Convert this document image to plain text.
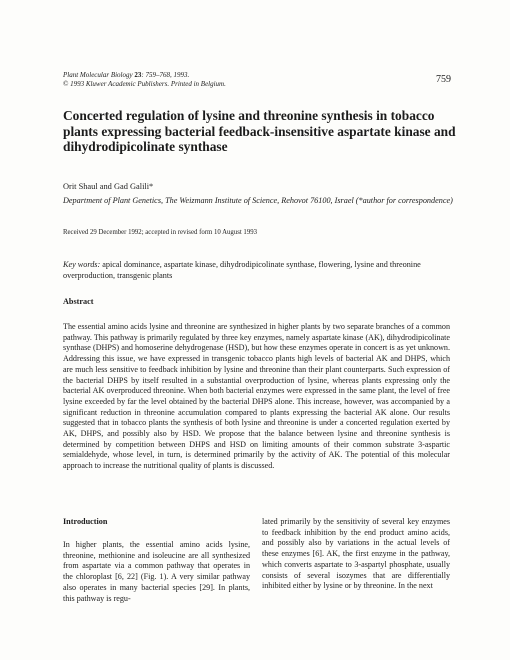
Plant Molecular Biology 23: 759–768, 1993.
© 1993 Kluwer Academic Publishers. Printed in Belgium.	759
Concerted regulation of lysine and threonine synthesis in tobacco plants expressing bacterial feedback-insensitive aspartate kinase and dihydrodipicolinate synthase
Orit Shaul and Gad Galili*
Department of Plant Genetics, The Weizmann Institute of Science, Rehovot 76100, Israel (*author for correspondence)
Received 29 December 1992; accepted in revised form 10 August 1993
Key words: apical dominance, aspartate kinase, dihydrodipicolinate synthase, flowering, lysine and threonine overproduction, transgenic plants
Abstract

The essential amino acids lysine and threonine are synthesized in higher plants by two separate branches of a common pathway. This pathway is primarily regulated by three key enzymes, namely aspartate kinase (AK), dihydrodipicolinate synthase (DHPS) and homoserine dehydrogenase (HSD), but how these enzymes operate in concert is as yet unknown. Addressing this issue, we have expressed in transgenic tobacco plants high levels of bacterial AK and DHPS, which are much less sensitive to feedback inhibition by lysine and threonine than their plant counterparts. Such expression of the bacterial DHPS by itself resulted in a substantial overproduction of lysine, whereas plants expressing only the bacterial AK overproduced threonine. When both bacterial enzymes were expressed in the same plant, the level of free lysine exceeded by far the level obtained by the bacterial DHPS alone. This increase, however, was accompanied by a significant reduction in threonine accumulation compared to plants expressing the bacterial AK alone. Our results suggested that in tobacco plants the synthesis of both lysine and threonine is under a concerted regulation exerted by AK, DHPS, and possibly also by HSD. We propose that the balance between lysine and threonine synthesis is determined by competition between DHPS and HSD on limiting amounts of their common substrate 3-aspartic semialdehyde, whose level, in turn, is determined primarily by the activity of AK. The potential of this molecular approach to increase the nutritional quality of plants is discussed.

Introduction

In higher plants, the essential amino acids lysine, threonine, methionine and isoleucine are all synthesized from aspartate via a common pathway that operates in the chloroplast [6, 22] (Fig. 1). A very similar pathway also operates in many bacterial species [29]. In plants, this pathway is regu-

lated primarily by the sensitivity of several key enzymes to feedback inhibition by the end product amino acids, and possibly also by variations in the actual levels of these enzymes [6]. AK, the first enzyme in the pathway, which converts aspartate to 3-aspartyl phosphate, usually consists of several isozymes that are differentially inhibited either by lysine or by threonine. In the next
